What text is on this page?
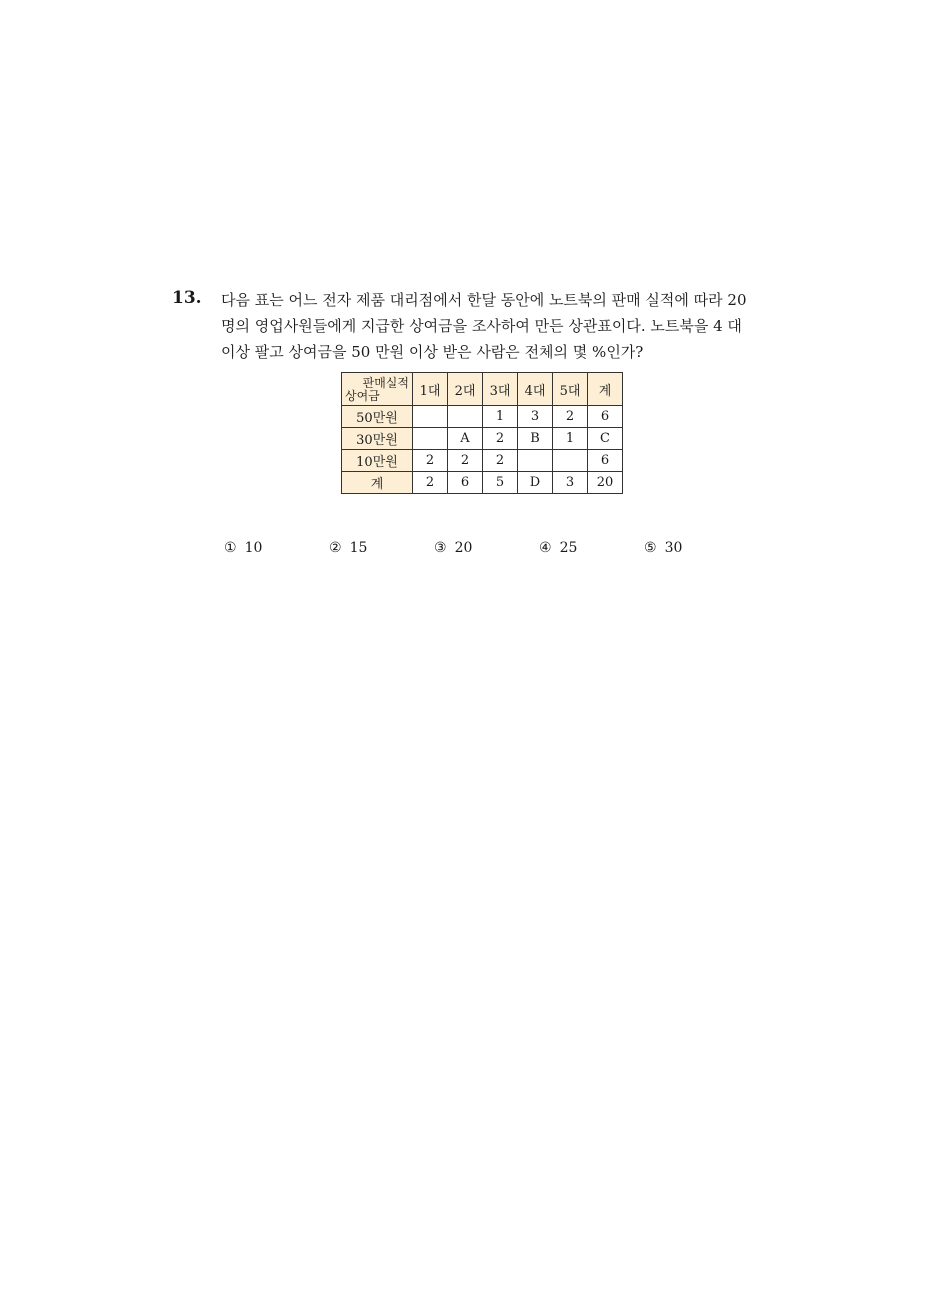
13. 다음 표는 어느 전자 제품 대리점에서 한달 동안에 노트북의 판매 실적에 따라 20
명의 영업사원들에게 지급한 상여금을 조사하여 만든 상관표이다. 노트북을 4 대
이상 팔고 상여금을 50 만원 이상 받은 사람은 전체의 몇 %인가?

판매실적
상여금	1대	2대	3대	4대	5대	계
50만원			1	3	2	6
30만원		A	2	B	1	C
10만원	2	2	2			6
계	2	6	5	D	3	20
① 10	② 15	③ 20	④ 25	⑤ 30
